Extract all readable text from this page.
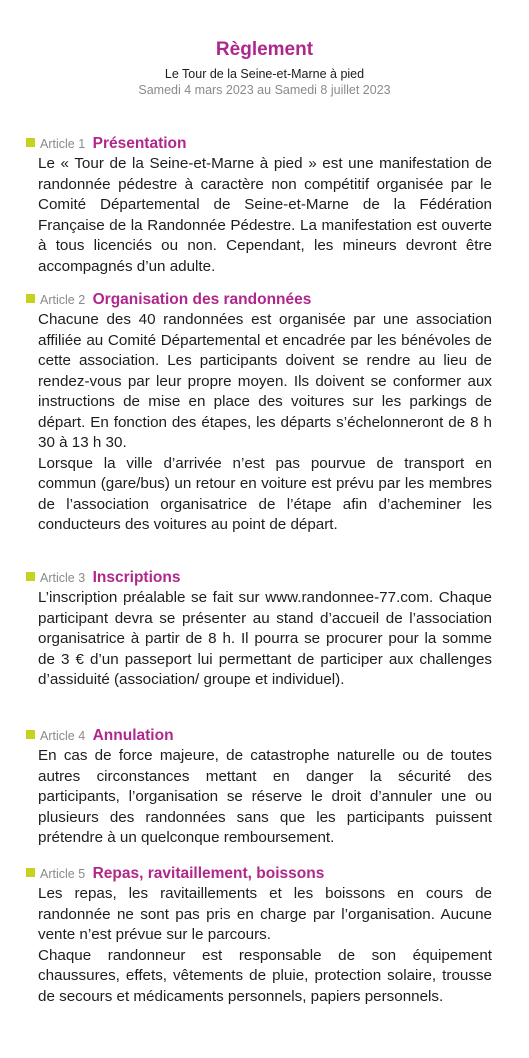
Règlement
Le Tour de la Seine-et-Marne à pied
Samedi 4 mars 2023 au Samedi 8 juillet 2023
Article 1 Présentation

Le « Tour de la Seine-et-Marne à pied » est une manifestation de randonnée pédestre à caractère non compétitif organisée par le Comité Départemental de Seine-et-Marne de la Fédération Française de la Randonnée Pédestre. La manifestation est ouverte à tous licenciés ou non. Cependant, les mineurs devront être accompagnés d’un adulte.

Article 2 Organisation des randonnées

Chacune des 40 randonnées est organisée par une association affiliée au Comité Départemental et encadrée par les bénévoles de cette association. Les participants doivent se rendre au lieu de rendez-vous par leur propre moyen. Ils doivent se conformer aux instructions de mise en place des voitures sur les parkings de départ. En fonction des étapes, les départs s’échelonneront de 8 h 30 à 13 h 30.

Lorsque la ville d’arrivée n’est pas pourvue de transport en commun (gare/bus) un retour en voiture est prévu par les membres de l’association organisatrice de l’étape afin d’acheminer les conducteurs des voitures au point de départ.

Article 3 Inscriptions

L’inscription préalable se fait sur www.randonnee-77.com. Chaque participant devra se présenter au stand d’accueil de l’association organisatrice à partir de 8 h. Il pourra se procurer pour la somme de 3 € d’un passeport lui permettant de participer aux challenges d’assiduité (association/ groupe et individuel).

Article 4 Annulation

En cas de force majeure, de catastrophe naturelle ou de toutes autres circonstances mettant en danger la sécurité des participants, l’organisation se réserve le droit d’annuler une ou plusieurs des randonnées sans que les participants puissent prétendre à un quelconque remboursement.

Article 5 Repas, ravitaillement, boissons

Les repas, les ravitaillements et les boissons en cours de randonnée ne sont pas pris en charge par l’organisation. Aucune vente n’est prévue sur le parcours.

Chaque randonneur est responsable de son équipement chaussures, effets, vêtements de pluie, protection solaire, trousse de secours et médicaments personnels, papiers personnels.
